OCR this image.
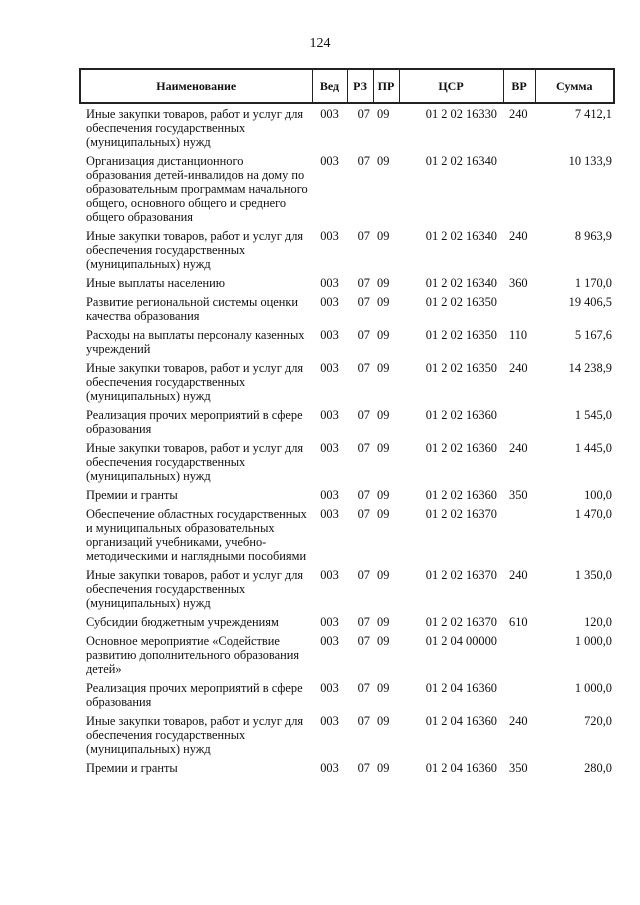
124
Наименование	Вед	РЗ	ПР	ЦСР	ВР	Сумма
Иные закупки товаров, работ и услуг для обеспечения государственных (муниципальных) нужд	003	07	09	01 2 02 16330	240	7 412,1
Организация дистанционного образования детей-инвалидов на дому по образовательным программам начального общего, основного общего и среднего общего образования	003	07	09	01 2 02 16340		10 133,9
Иные закупки товаров, работ и услуг для обеспечения государственных (муниципальных) нужд	003	07	09	01 2 02 16340	240	8 963,9
Иные выплаты населению	003	07	09	01 2 02 16340	360	1 170,0
Развитие региональной системы оценки качества образования	003	07	09	01 2 02 16350		19 406,5
Расходы на выплаты персоналу казенных учреждений	003	07	09	01 2 02 16350	110	5 167,6
Иные закупки товаров, работ и услуг для обеспечения государственных (муниципальных) нужд	003	07	09	01 2 02 16350	240	14 238,9
Реализация прочих мероприятий в сфере образования	003	07	09	01 2 02 16360		1 545,0
Иные закупки товаров, работ и услуг для обеспечения государственных (муниципальных) нужд	003	07	09	01 2 02 16360	240	1 445,0
Премии и гранты	003	07	09	01 2 02 16360	350	100,0
Обеспечение областных государственных и муниципальных образовательных организаций учебниками, учебно-методическими и наглядными пособиями	003	07	09	01 2 02 16370		1 470,0
Иные закупки товаров, работ и услуг для обеспечения государственных (муниципальных) нужд	003	07	09	01 2 02 16370	240	1 350,0
Субсидии бюджетным учреждениям	003	07	09	01 2 02 16370	610	120,0
Основное мероприятие «Содействие развитию дополнительного образования детей»	003	07	09	01 2 04 00000		1 000,0
Реализация прочих мероприятий в сфере образования	003	07	09	01 2 04 16360		1 000,0
Иные закупки товаров, работ и услуг для обеспечения государственных (муниципальных) нужд	003	07	09	01 2 04 16360	240	720,0
Премии и гранты	003	07	09	01 2 04 16360	350	280,0
